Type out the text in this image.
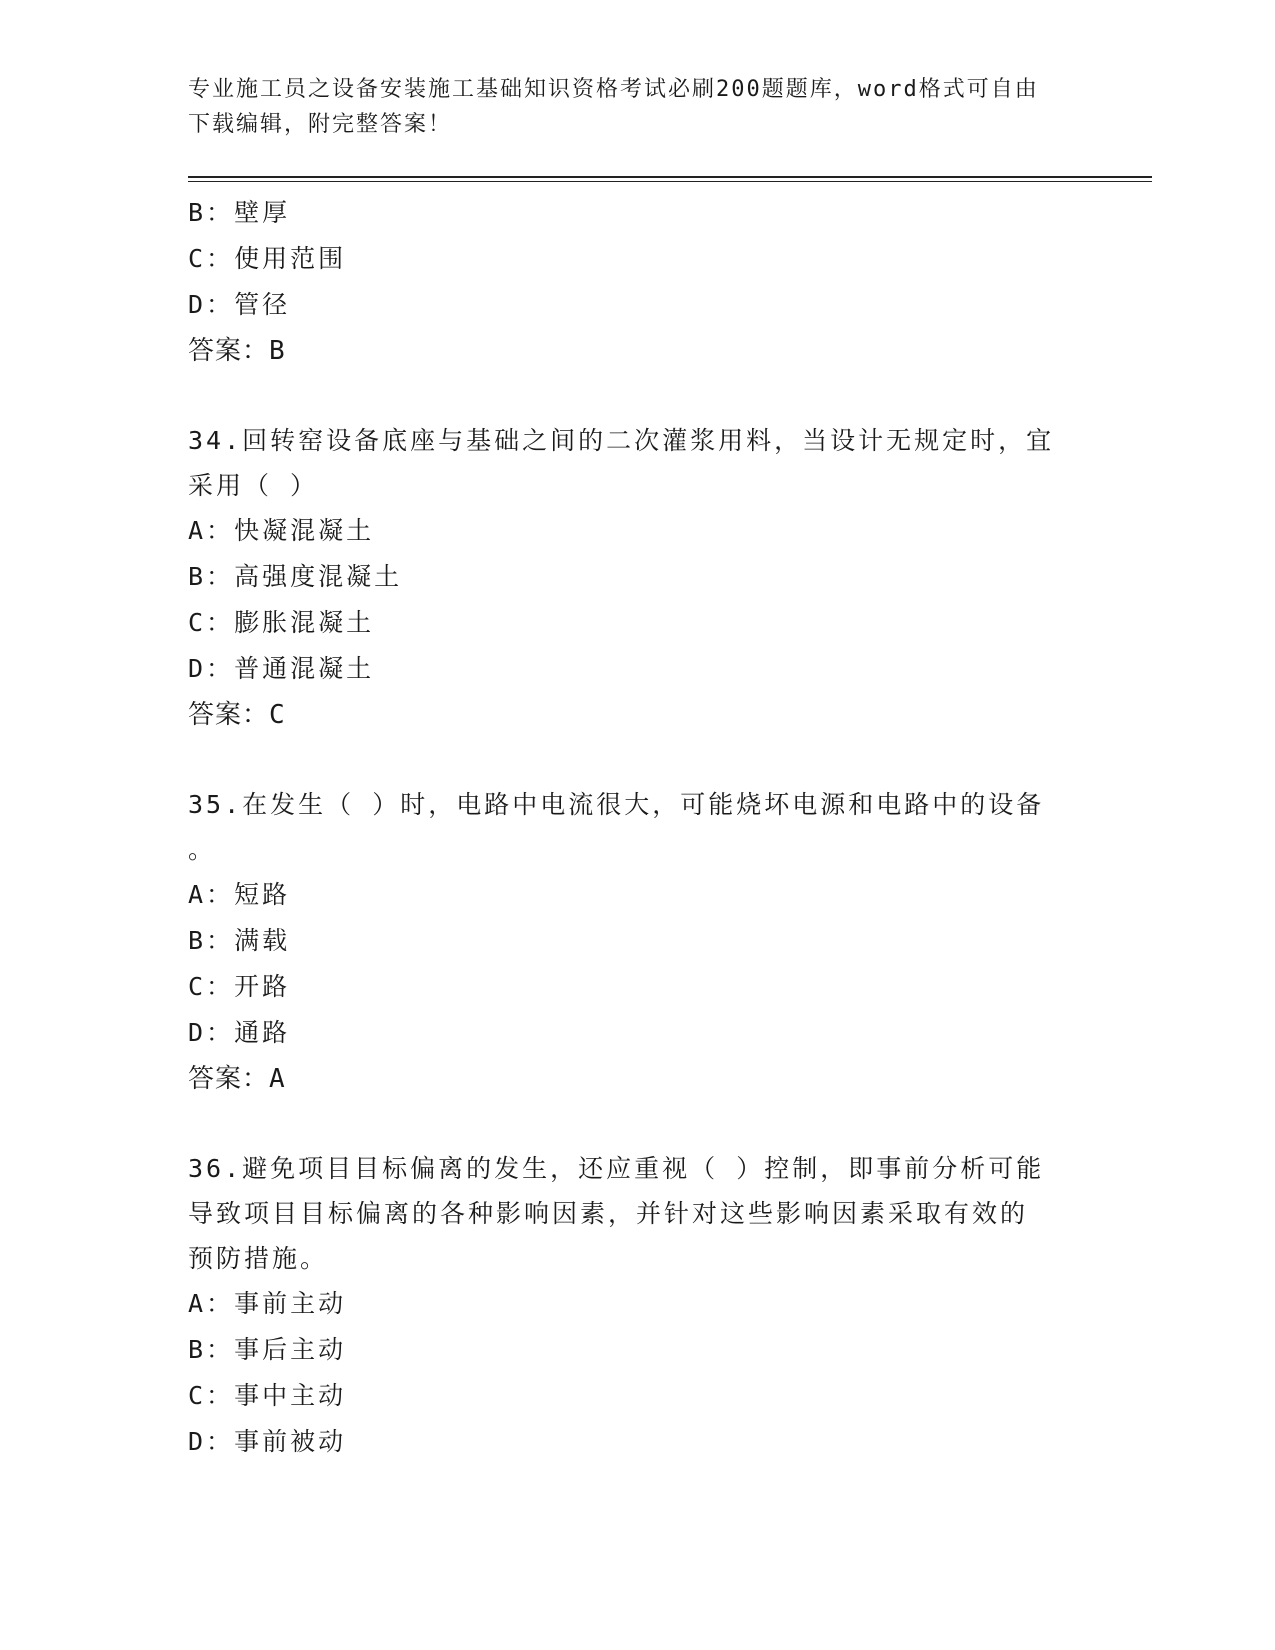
专业施工员之设备安装施工基础知识资格考试必刷200题题库，word格式可自由
下载编辑，附完整答案！
B：壁厚
C：使用范围
D：管径
答案：B
34.回转窑设备底座与基础之间的二次灌浆用料，当设计无规定时，宜
采用（ ）
A：快凝混凝土
B：高强度混凝土
C：膨胀混凝土
D：普通混凝土
答案：C
35.在发生（ ）时，电路中电流很大，可能烧坏电源和电路中的设备
。
A：短路
B：满载
C：开路
D：通路
答案：A
36.避免项目目标偏离的发生，还应重视（ ）控制，即事前分析可能
导致项目目标偏离的各种影响因素，并针对这些影响因素采取有效的
预防措施。
A：事前主动
B：事后主动
C：事中主动
D：事前被动
